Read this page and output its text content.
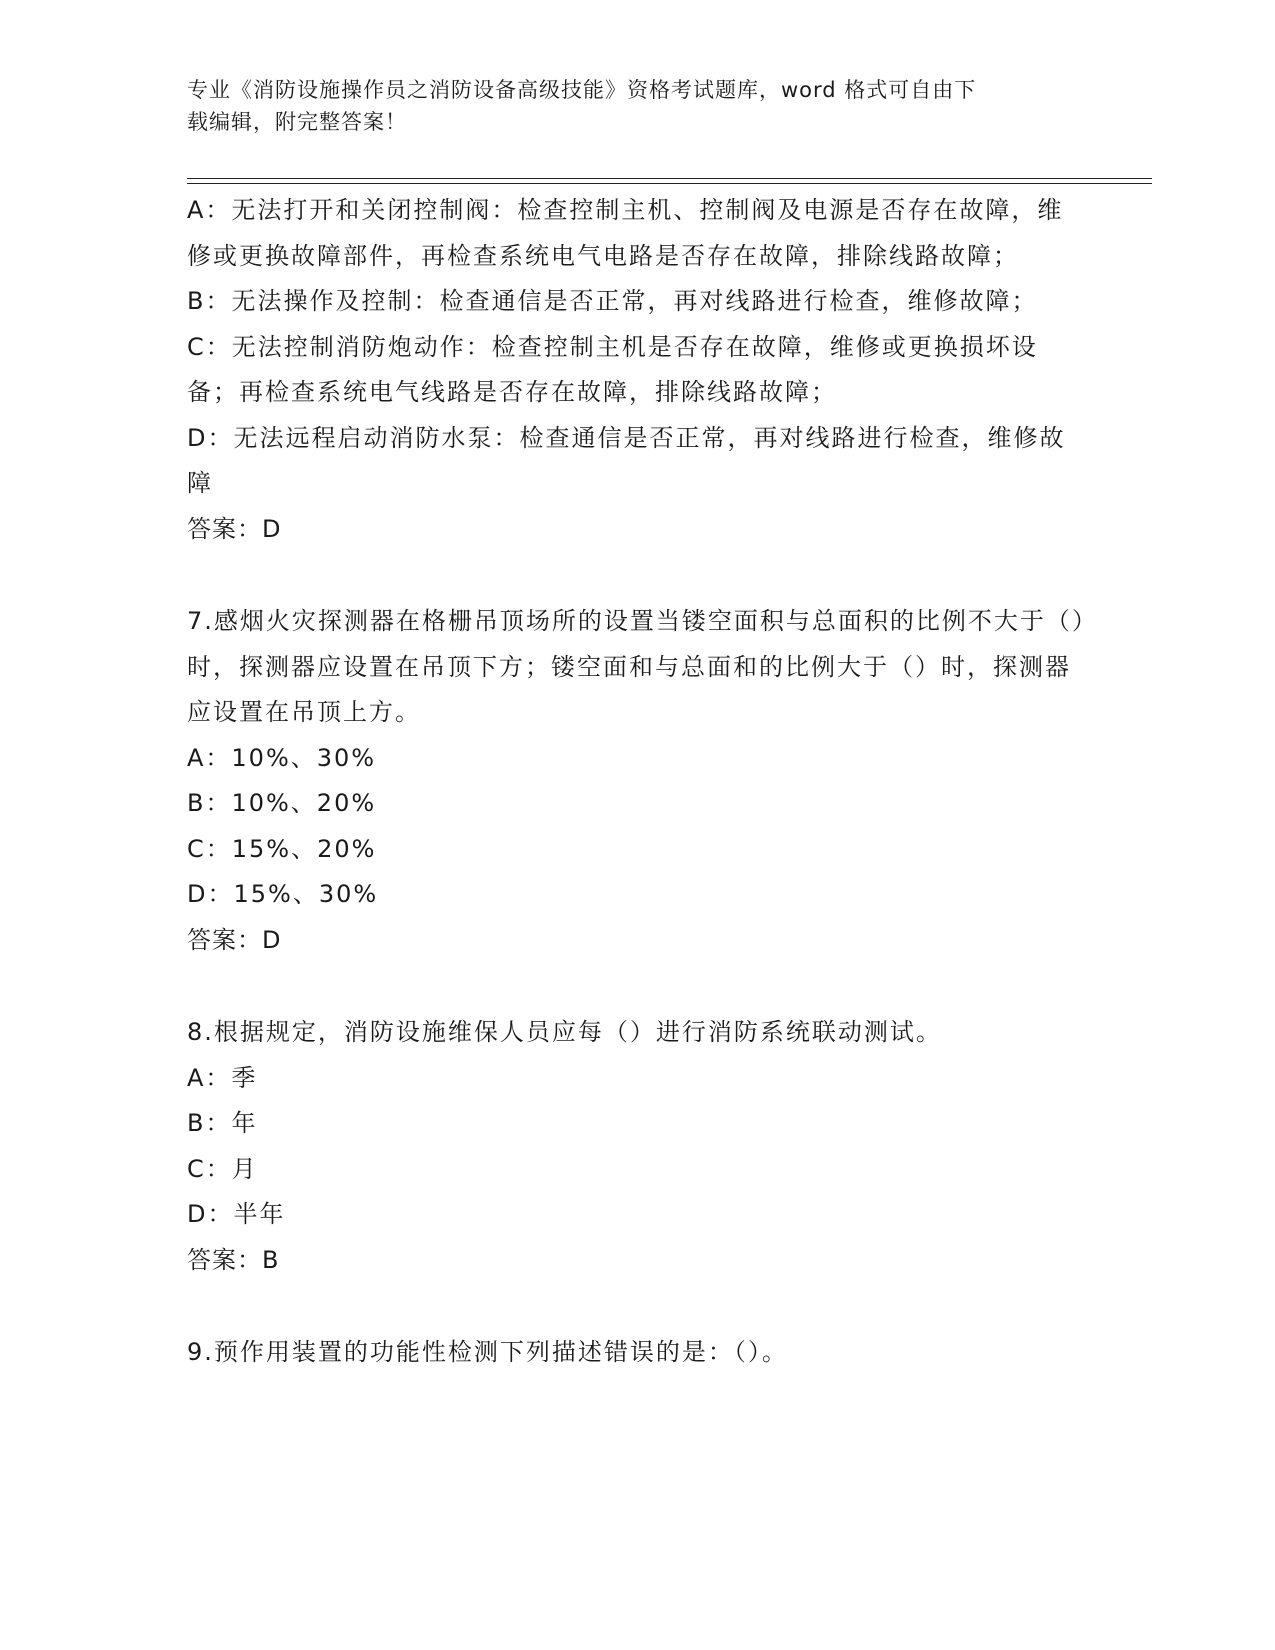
专业《消防设施操作员之消防设备高级技能》资格考试题库，word 格式可自由下
载编辑，附完整答案！

A：无法打开和关闭控制阀：检查控制主机、控制阀及电源是否存在故障，维修或更换故障部件，再检查系统电气电路是否存在故障，排除线路故障；

B：无法操作及控制：检查通信是否正常，再对线路进行检查，维修故障；

C：无法控制消防炮动作：检查控制主机是否存在故障，维修或更换损坏设备；再检查系统电气线路是否存在故障，排除线路故障；

D：无法远程启动消防水泵：检查通信是否正常，再对线路进行检查，维修故障

答案：D

7.感烟火灾探测器在格栅吊顶场所的设置当镂空面积与总面积的比例不大于（）时，探测器应设置在吊顶下方；镂空面和与总面和的比例大于（）时，探测器应设置在吊顶上方。

A：10%、30%

B：10%、20%

C：15%、20%

D：15%、30%

答案：D

8.根据规定，消防设施维保人员应每（）进行消防系统联动测试。

A：季

B：年

C：月

D：半年

答案：B

9.预作用装置的功能性检测下列描述错误的是：（）。
